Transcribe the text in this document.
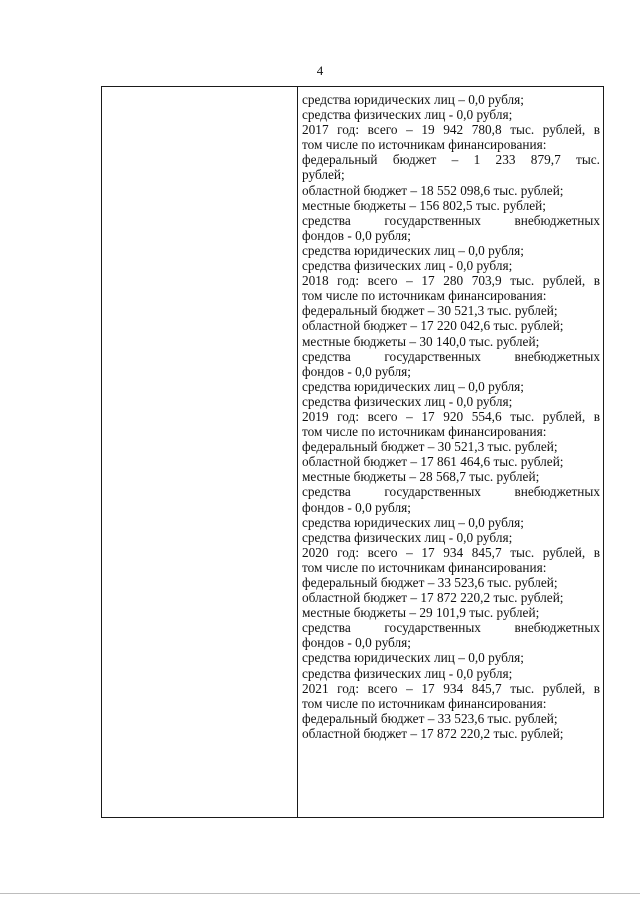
4
средства юридических лиц – 0,0 рубля;
средства физических лиц - 0,0 рубля;
2017 год: всего – 19 942 780,8 тыс. рублей, в
том числе по источникам финансирования:
федеральный бюджет – 1 233 879,7 тыс.
рублей;
областной бюджет – 18 552 098,6 тыс. рублей;
местные бюджеты – 156 802,5 тыс. рублей;
средства государственных внебюджетных
фондов - 0,0 рубля;
средства юридических лиц – 0,0 рубля;
средства физических лиц - 0,0 рубля;
2018 год: всего – 17 280 703,9 тыс. рублей, в
том числе по источникам финансирования:
федеральный бюджет – 30 521,3 тыс. рублей;
областной бюджет – 17 220 042,6 тыс. рублей;
местные бюджеты – 30 140,0 тыс. рублей;
средства государственных внебюджетных
фондов - 0,0 рубля;
средства юридических лиц – 0,0 рубля;
средства физических лиц - 0,0 рубля;
2019 год: всего – 17 920 554,6 тыс. рублей, в
том числе по источникам финансирования:
федеральный бюджет – 30 521,3 тыс. рублей;
областной бюджет – 17 861 464,6 тыс. рублей;
местные бюджеты – 28 568,7 тыс. рублей;
средства государственных внебюджетных
фондов - 0,0 рубля;
средства юридических лиц – 0,0 рубля;
средства физических лиц - 0,0 рубля;
2020 год: всего – 17 934 845,7 тыс. рублей, в
том числе по источникам финансирования:
федеральный бюджет – 33 523,6 тыс. рублей;
областной бюджет – 17 872 220,2 тыс. рублей;
местные бюджеты – 29 101,9 тыс. рублей;
средства государственных внебюджетных
фондов - 0,0 рубля;
средства юридических лиц – 0,0 рубля;
средства физических лиц - 0,0 рубля;
2021 год: всего – 17 934 845,7 тыс. рублей, в
том числе по источникам финансирования:
федеральный бюджет – 33 523,6 тыс. рублей;
областной бюджет – 17 872 220,2 тыс. рублей;
